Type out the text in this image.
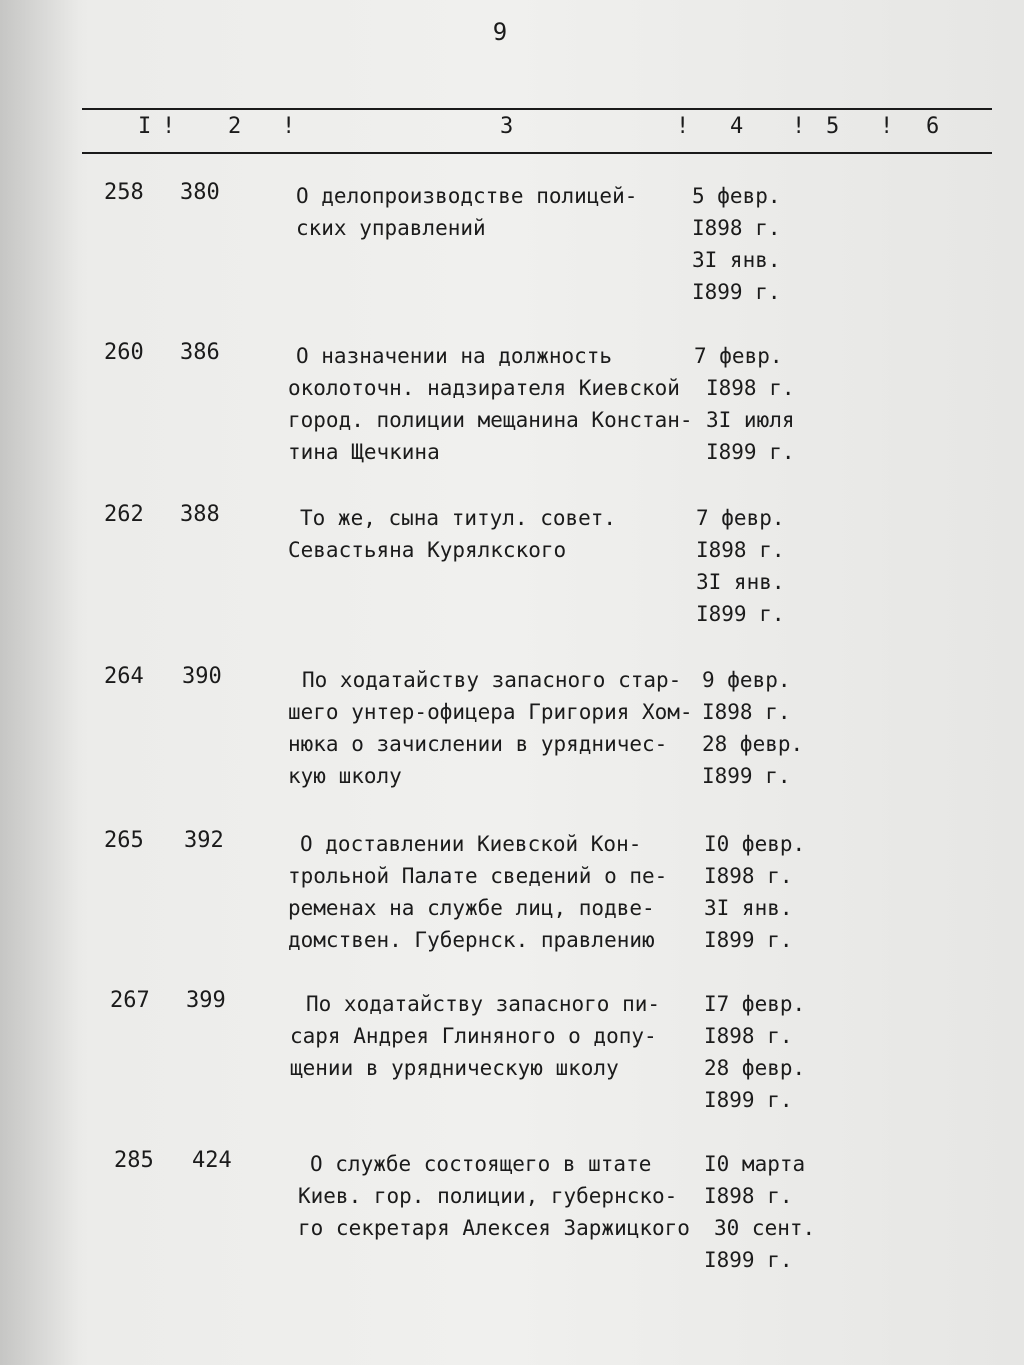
9
I ! 2 !	3	! 4 ! 5 ! 6
258 380	О делопроизводстве полицей-
ских управлений
5 февр.
I898 г.
3I янв.
I899 г.
260 386	О назначении на должность
околоточн. надзирателя Киевской
город. полиции мещанина Констан-
тина Щечкина
7 февр.
I898 г.
3I июля
I899 г.
262 388	То же, сына титул. совет.
Севастьяна Курялкского
7 февр.
I898 г.
3I янв.
I899 г.
264 390	По ходатайству запасного стар-
шего унтер-офицера Григория Хом-
нюка о зачислении в урядничес-
кую школу
9 февр.
I898 г.
28 февр.
I899 г.
265 392	О доставлении Киевской Кон-
трольной Палате сведений о пе-
ременах на службе лиц, подве-
домствен. Губернск. правлению
I0 февр.
I898 г.
3I янв.
I899 г.
267 399	По ходатайству запасного пи-
саря Андрея Глиняного о допу-
щении в урядническую школу
I7 февр.
I898 г.
28 февр.
I899 г.
285 424	О службе состоящего в штате
Киев. гор. полиции, губернско-
го секретаря Алексея Заржицкого
I0 марта
I898 г.
30 сент.
I899 г.
